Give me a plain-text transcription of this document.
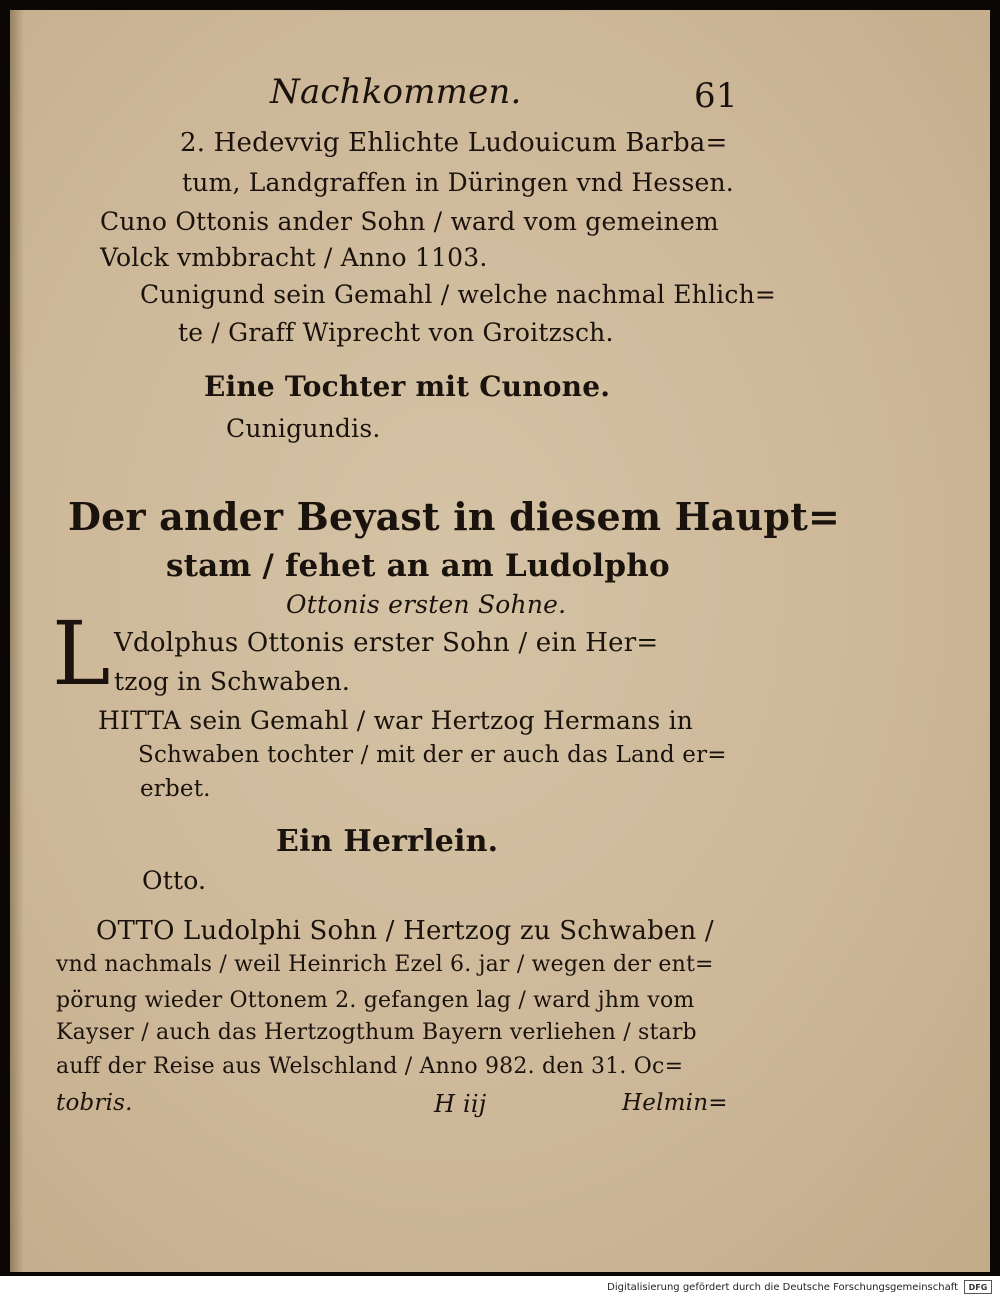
Nachkommen.	61
2. Hedevvig Ehlichte Ludouicum Barba=
tum, Landgraffen in Düringen vnd Hessen.
Cuno Ottonis ander Sohn / ward vom gemeinem
Volck vmbbracht / Anno 1103.
Cunigund sein Gemahl / welche nachmal Ehlich=
te / Graff Wiprecht von Groitzsch.
Eine Tochter mit Cunone.
Cunigundis.
Der ander Beyast in diesem Haupt=
stam / fehet an am Ludolpho
Ottonis ersten Sohne.
L Vdolphus Ottonis erster Sohn / ein Her=
tzog in Schwaben.
HITTA sein Gemahl / war Hertzog Hermans in
Schwaben tochter / mit der er auch das Land er=
erbet.
Ein Herrlein.
Otto.
OTTO Ludolphi Sohn / Hertzog zu Schwaben /
vnd nachmals / weil Heinrich Ezel 6. jar / wegen der ent=
pörung wieder Ottonem 2. gefangen lag / ward jhm vom
Kayser / auch das Hertzogthum Bayern verliehen / starb
auff der Reise aus Welschland / Anno 982. den 31. Oc=
tobris.	H iij	Helmin=
Digitalisierung gefördert durch die Deutsche Forschungsgemeinschaft	DFG
